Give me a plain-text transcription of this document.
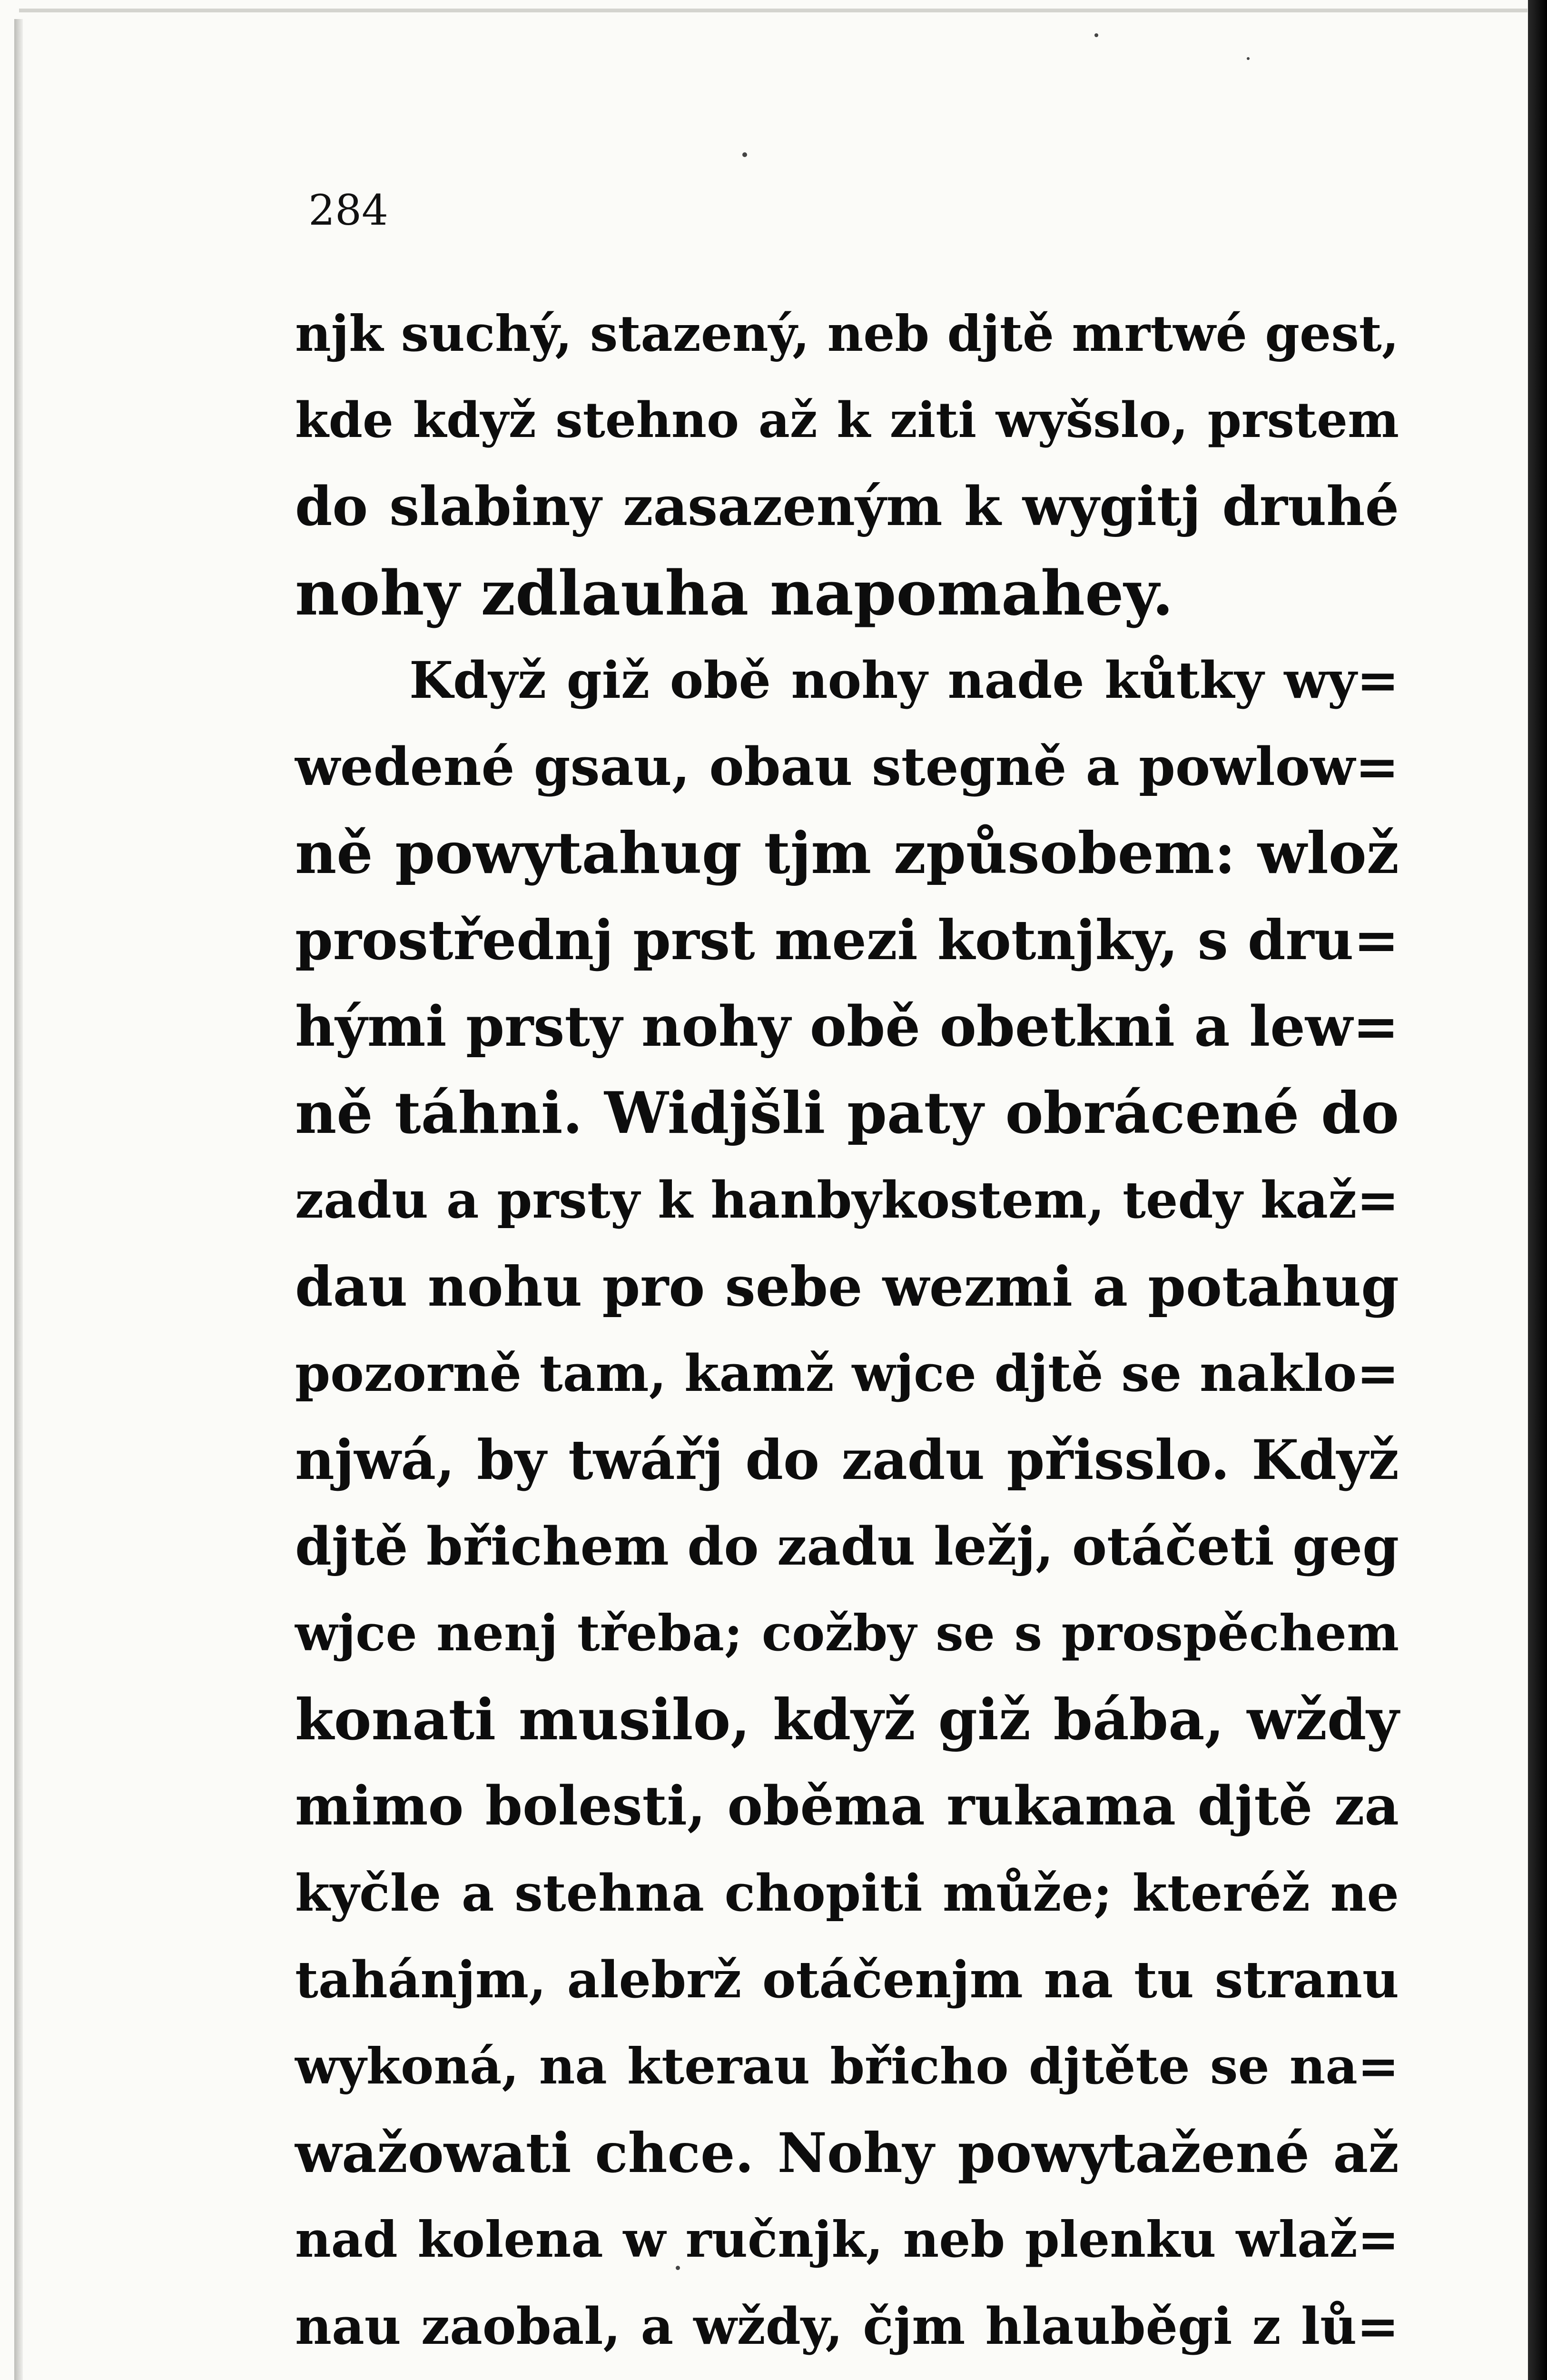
284
njk suchý, stazený, neb djtě mrtwé gest,
kde když stehno až k ziti wyšslo, prstem
do slabiny zasazeným k wygitj druhé
nohy zdlauha napomahey.
Když giž obě nohy nade kůtky wy=
wedené gsau, obau stegně a powlow=
ně powytahug tjm způsobem: wlož
prostřednj prst mezi kotnjky, s dru=
hými prsty nohy obě obetkni a lew=
ně táhni. Widjšli paty obrácené do
zadu a prsty k hanbykostem, tedy kaž=
dau nohu pro sebe wezmi a potahug
pozorně tam, kamž wjce djtě se naklo=
njwá, by twářj do zadu přisslo. Když
djtě břichem do zadu ležj, otáčeti geg
wjce nenj třeba; cožby se s prospěchem
konati musilo, když giž bába, wždy
mimo bolesti, oběma rukama djtě za
kyčle a stehna chopiti může; kteréž ne
tahánjm, alebrž otáčenjm na tu stranu
wykoná, na kterau břicho djtěte se na=
wažowati chce. Nohy powytažené až
nad kolena w ručnjk, neb plenku wlaž=
nau zaobal, a wždy, čjm hlauběgi z lů=
